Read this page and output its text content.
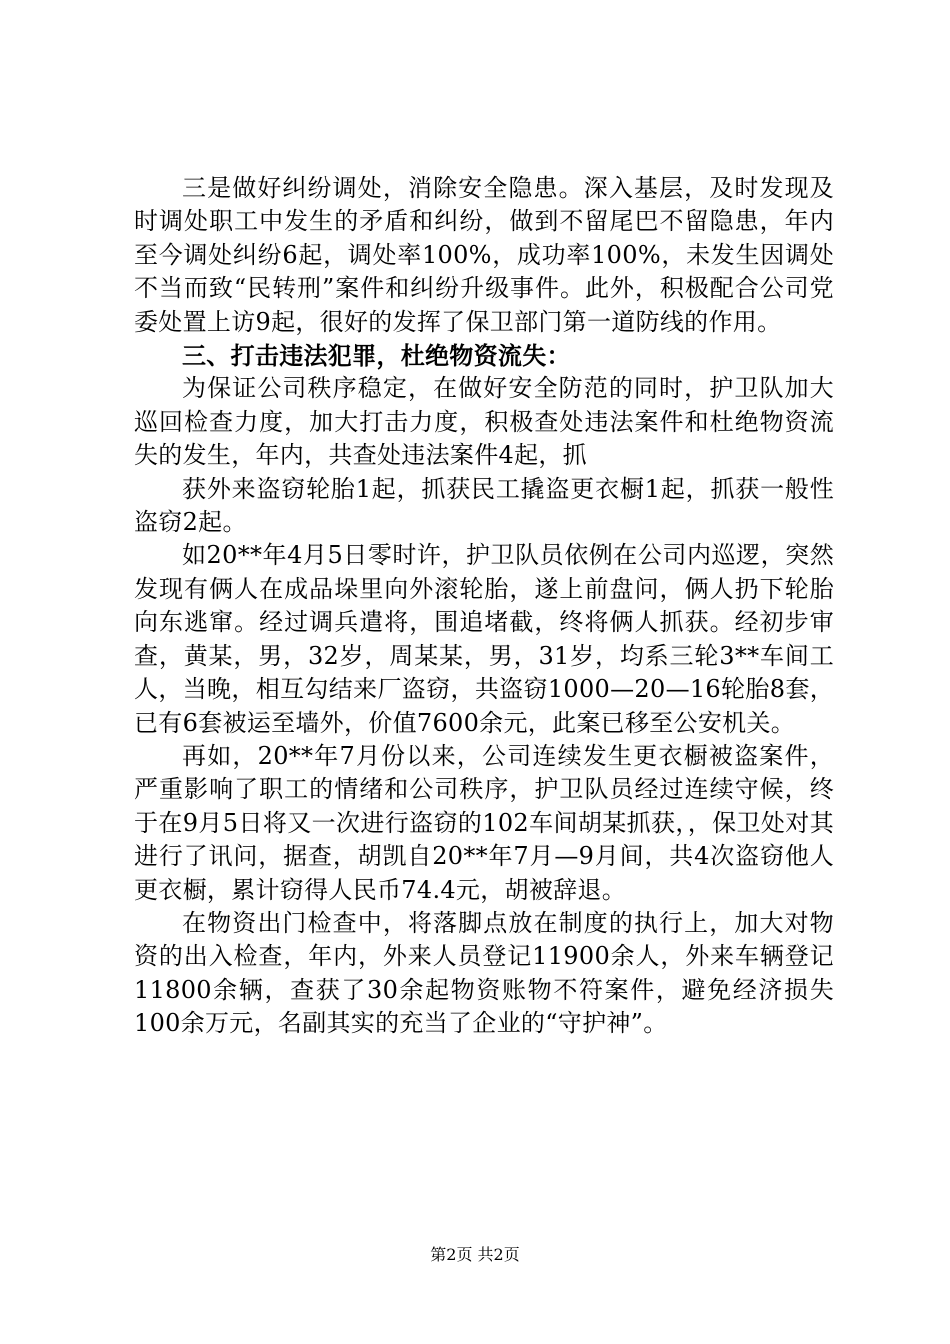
三是做好纠纷调处，消除安全隐患。深入基层，及时发现及时调处职工中发生的矛盾和纠纷，做到不留尾巴不留隐患，年内至今调处纠纷6起，调处率100%，成功率100%，未发生因调处不当而致“民转刑”案件和纠纷升级事件。此外，积极配合公司党委处置上访9起，很好的发挥了保卫部门第一道防线的作用。

三、打击违法犯罪，杜绝物资流失：

为保证公司秩序稳定，在做好安全防范的同时，护卫队加大巡回检查力度，加大打击力度，积极查处违法案件和杜绝物资流失的发生，年内，共查处违法案件4起，抓

获外来盗窃轮胎1起，抓获民工撬盗更衣橱1起，抓获一般性盗窃2起。

如20**年4月5日零时许，护卫队员依例在公司内巡逻，突然发现有俩人在成品垛里向外滚轮胎，遂上前盘问，俩人扔下轮胎向东逃窜。经过调兵遣将，围追堵截，终将俩人抓获。经初步审查，黄某，男，32岁，周某某，男，31岁，均系三轮3**车间工人，当晚，相互勾结来厂盗窃，共盗窃1000—20—16轮胎8套，已有6套被运至墙外，价值7600余元，此案已移至公安机关。

再如，20**年7月份以来，公司连续发生更衣橱被盗案件，严重影响了职工的情绪和公司秩序，护卫队员经过连续守候，终于在9月5日将又一次进行盗窃的102车间胡某抓获，，保卫处对其进行了讯问，据查，胡凯自20**年7月—9月间，共4次盗窃他人更衣橱，累计窃得人民币74.4元，胡被辞退。

在物资出门检查中，将落脚点放在制度的执行上，加大对物资的出入检查，年内，外来人员登记11900余人，外来车辆登记11800余辆，查获了30余起物资账物不符案件，避免经济损失100余万元，名副其实的充当了企业的“守护神”。

第2页 共2页
